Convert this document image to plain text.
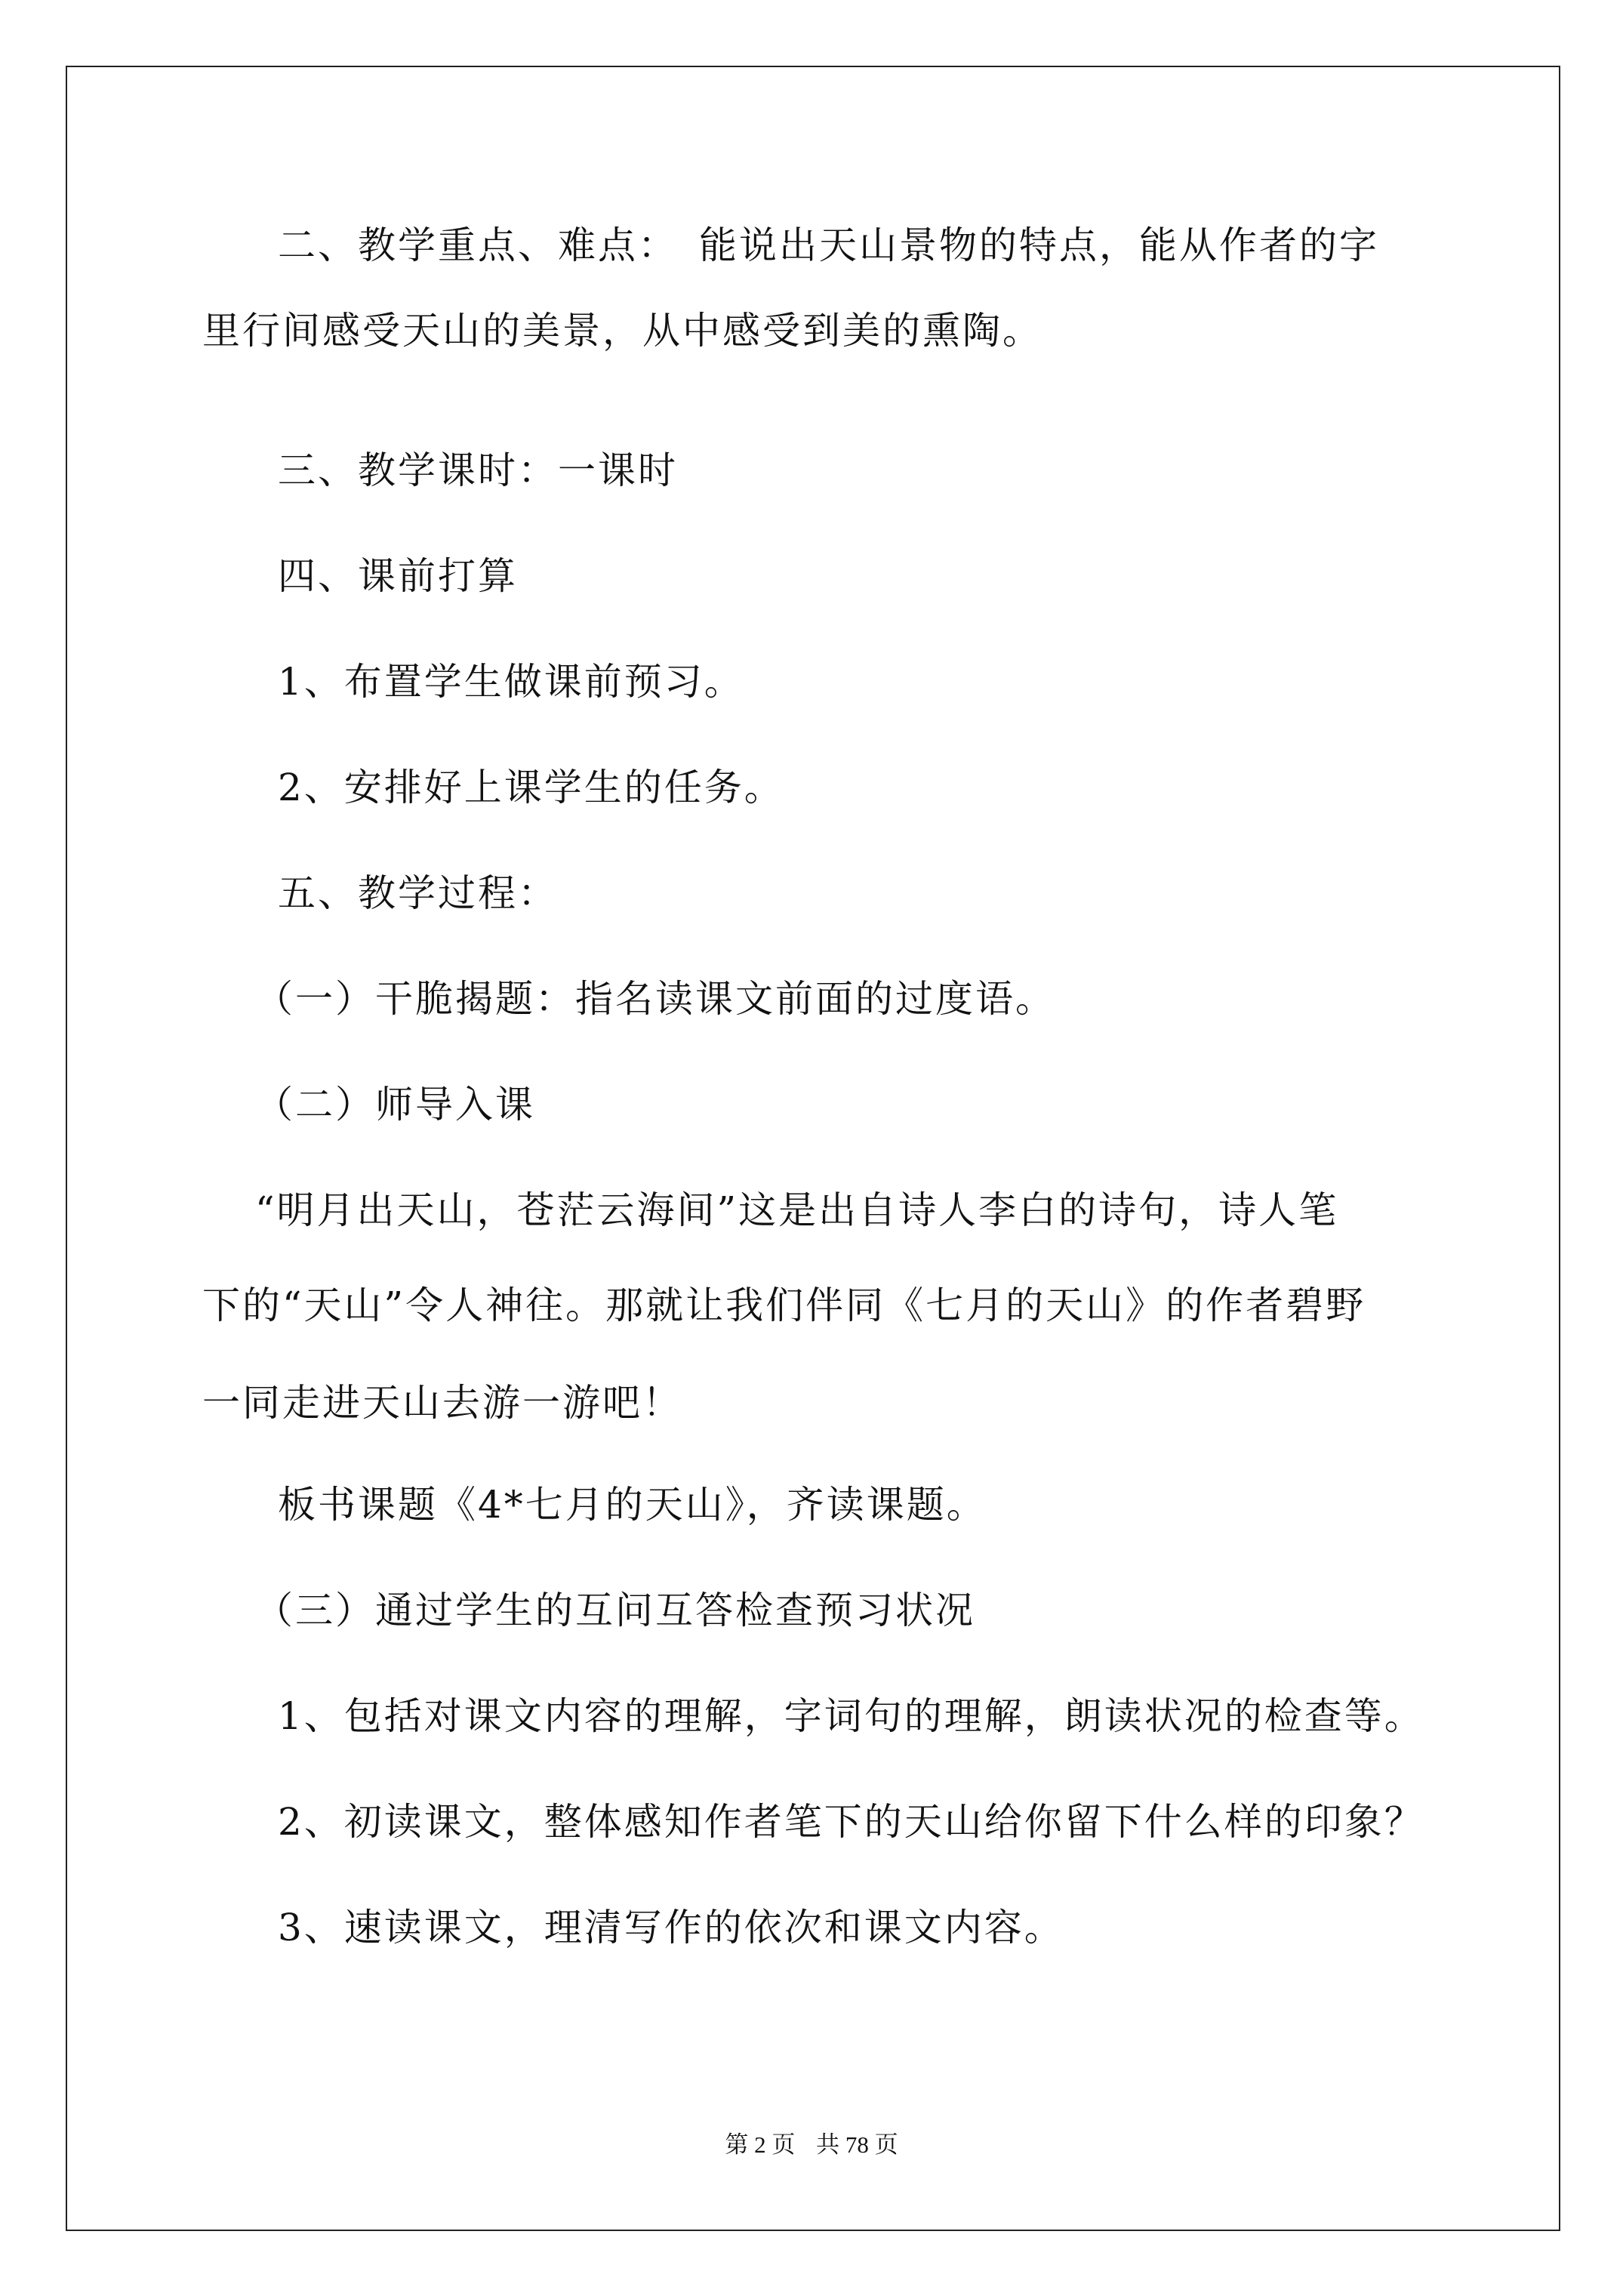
二、教学重点、难点：　能说出天山景物的特点，能从作者的字

里行间感受天山的美景，从中感受到美的熏陶。

三、教学课时：一课时

四、课前打算

1、布置学生做课前预习。

2、安排好上课学生的任务。

五、教学过程：

（一）干脆揭题：指名读课文前面的过度语。

（二）师导入课

“明月出天山，苍茫云海间”这是出自诗人李白的诗句，诗人笔

下的“天山”令人神往。那就让我们伴同《七月的天山》的作者碧野

一同走进天山去游一游吧！

板书课题《4*七月的天山》，齐读课题。

（三）通过学生的互问互答检查预习状况

1、包括对课文内容的理解，字词句的理解，朗读状况的检查等。

2、初读课文，整体感知作者笔下的天山给你留下什么样的印象？

3、速读课文，理清写作的依次和课文内容。

第 2 页 共 78 页
